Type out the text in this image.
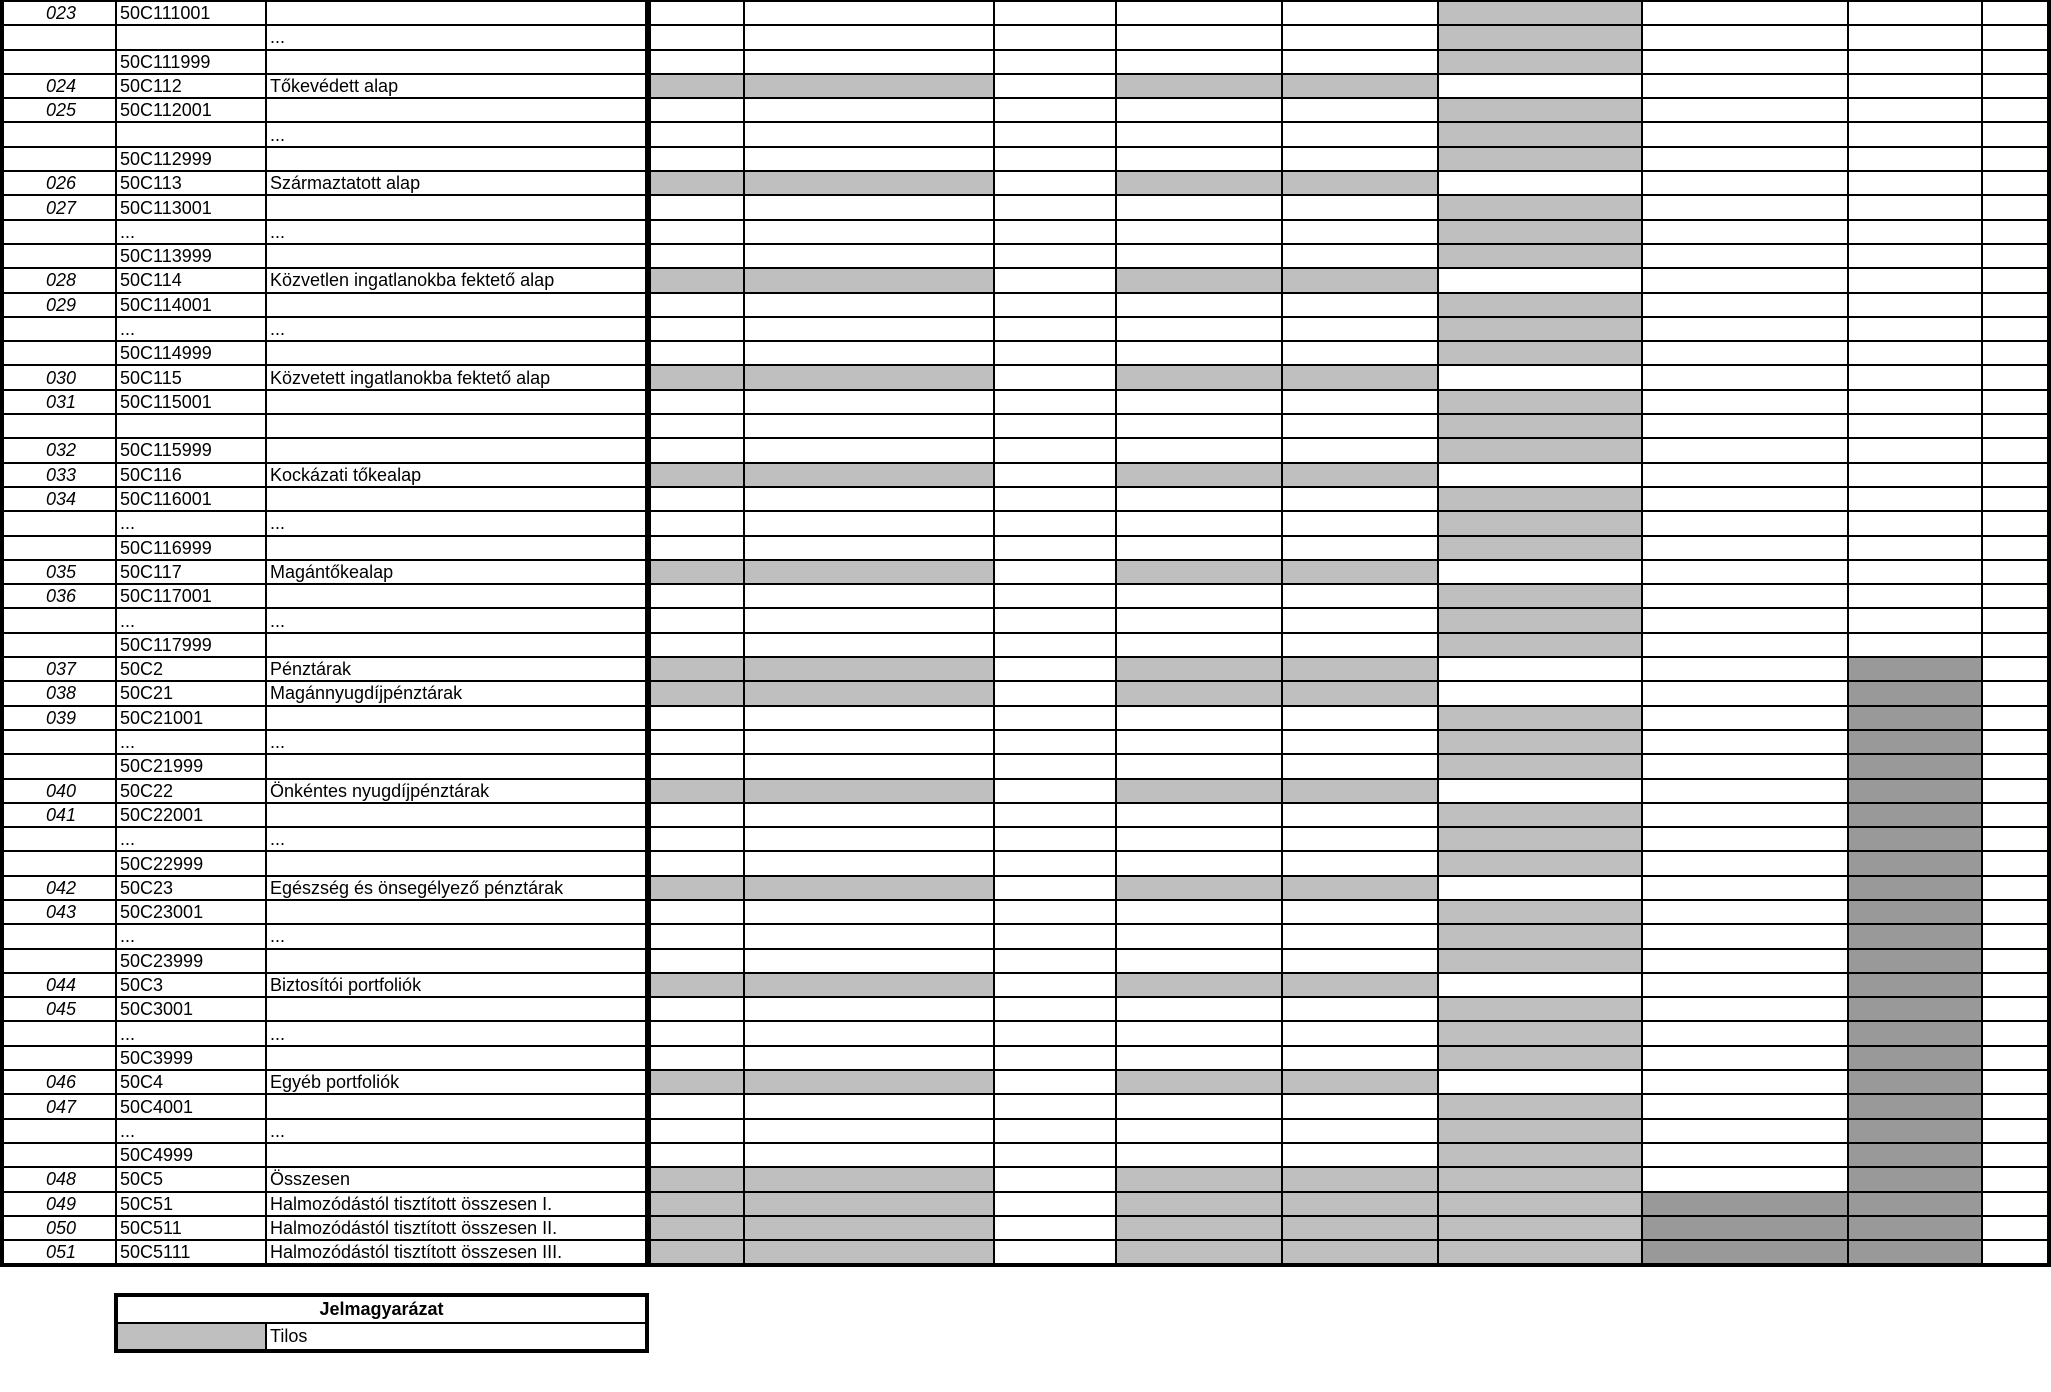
023	50C111001										
		...									
	50C111999										
024	50C112	Tőkevédett alap									
025	50C112001										
		...									
	50C112999										
026	50C113	Származtatott alap									
027	50C113001										
	...	...									
	50C113999										
028	50C114	Közvetlen ingatlanokba fektető alap									
029	50C114001										
	...	...									
	50C114999										
030	50C115	Közvetett ingatlanokba fektető alap									
031	50C115001										

032	50C115999										
033	50C116	Kockázati tőkealap									
034	50C116001										
	...	...									
	50C116999										
035	50C117	Magántőkealap									
036	50C117001										
	...	...									
	50C117999										
037	50C2	Pénztárak									
038	50C21	Magánnyugdíjpénztárak									
039	50C21001										
	...	...									
	50C21999										
040	50C22	Önkéntes nyugdíjpénztárak									
041	50C22001										
	...	...									
	50C22999										
042	50C23	Egészség és önsegélyező pénztárak									
043	50C23001										
	...	...									
	50C23999										
044	50C3	Biztosítói portfoliók									
045	50C3001										
	...	...									
	50C3999										
046	50C4	Egyéb portfoliók									
047	50C4001										
	...	...									
	50C4999										
048	50C5	Összesen									
049	50C51	Halmozódástól tisztított összesen I.									
050	50C511	Halmozódástól tisztított összesen II.									
051	50C5111	Halmozódástól tisztított összesen III.									
Jelmagyarázat
	Tilos
